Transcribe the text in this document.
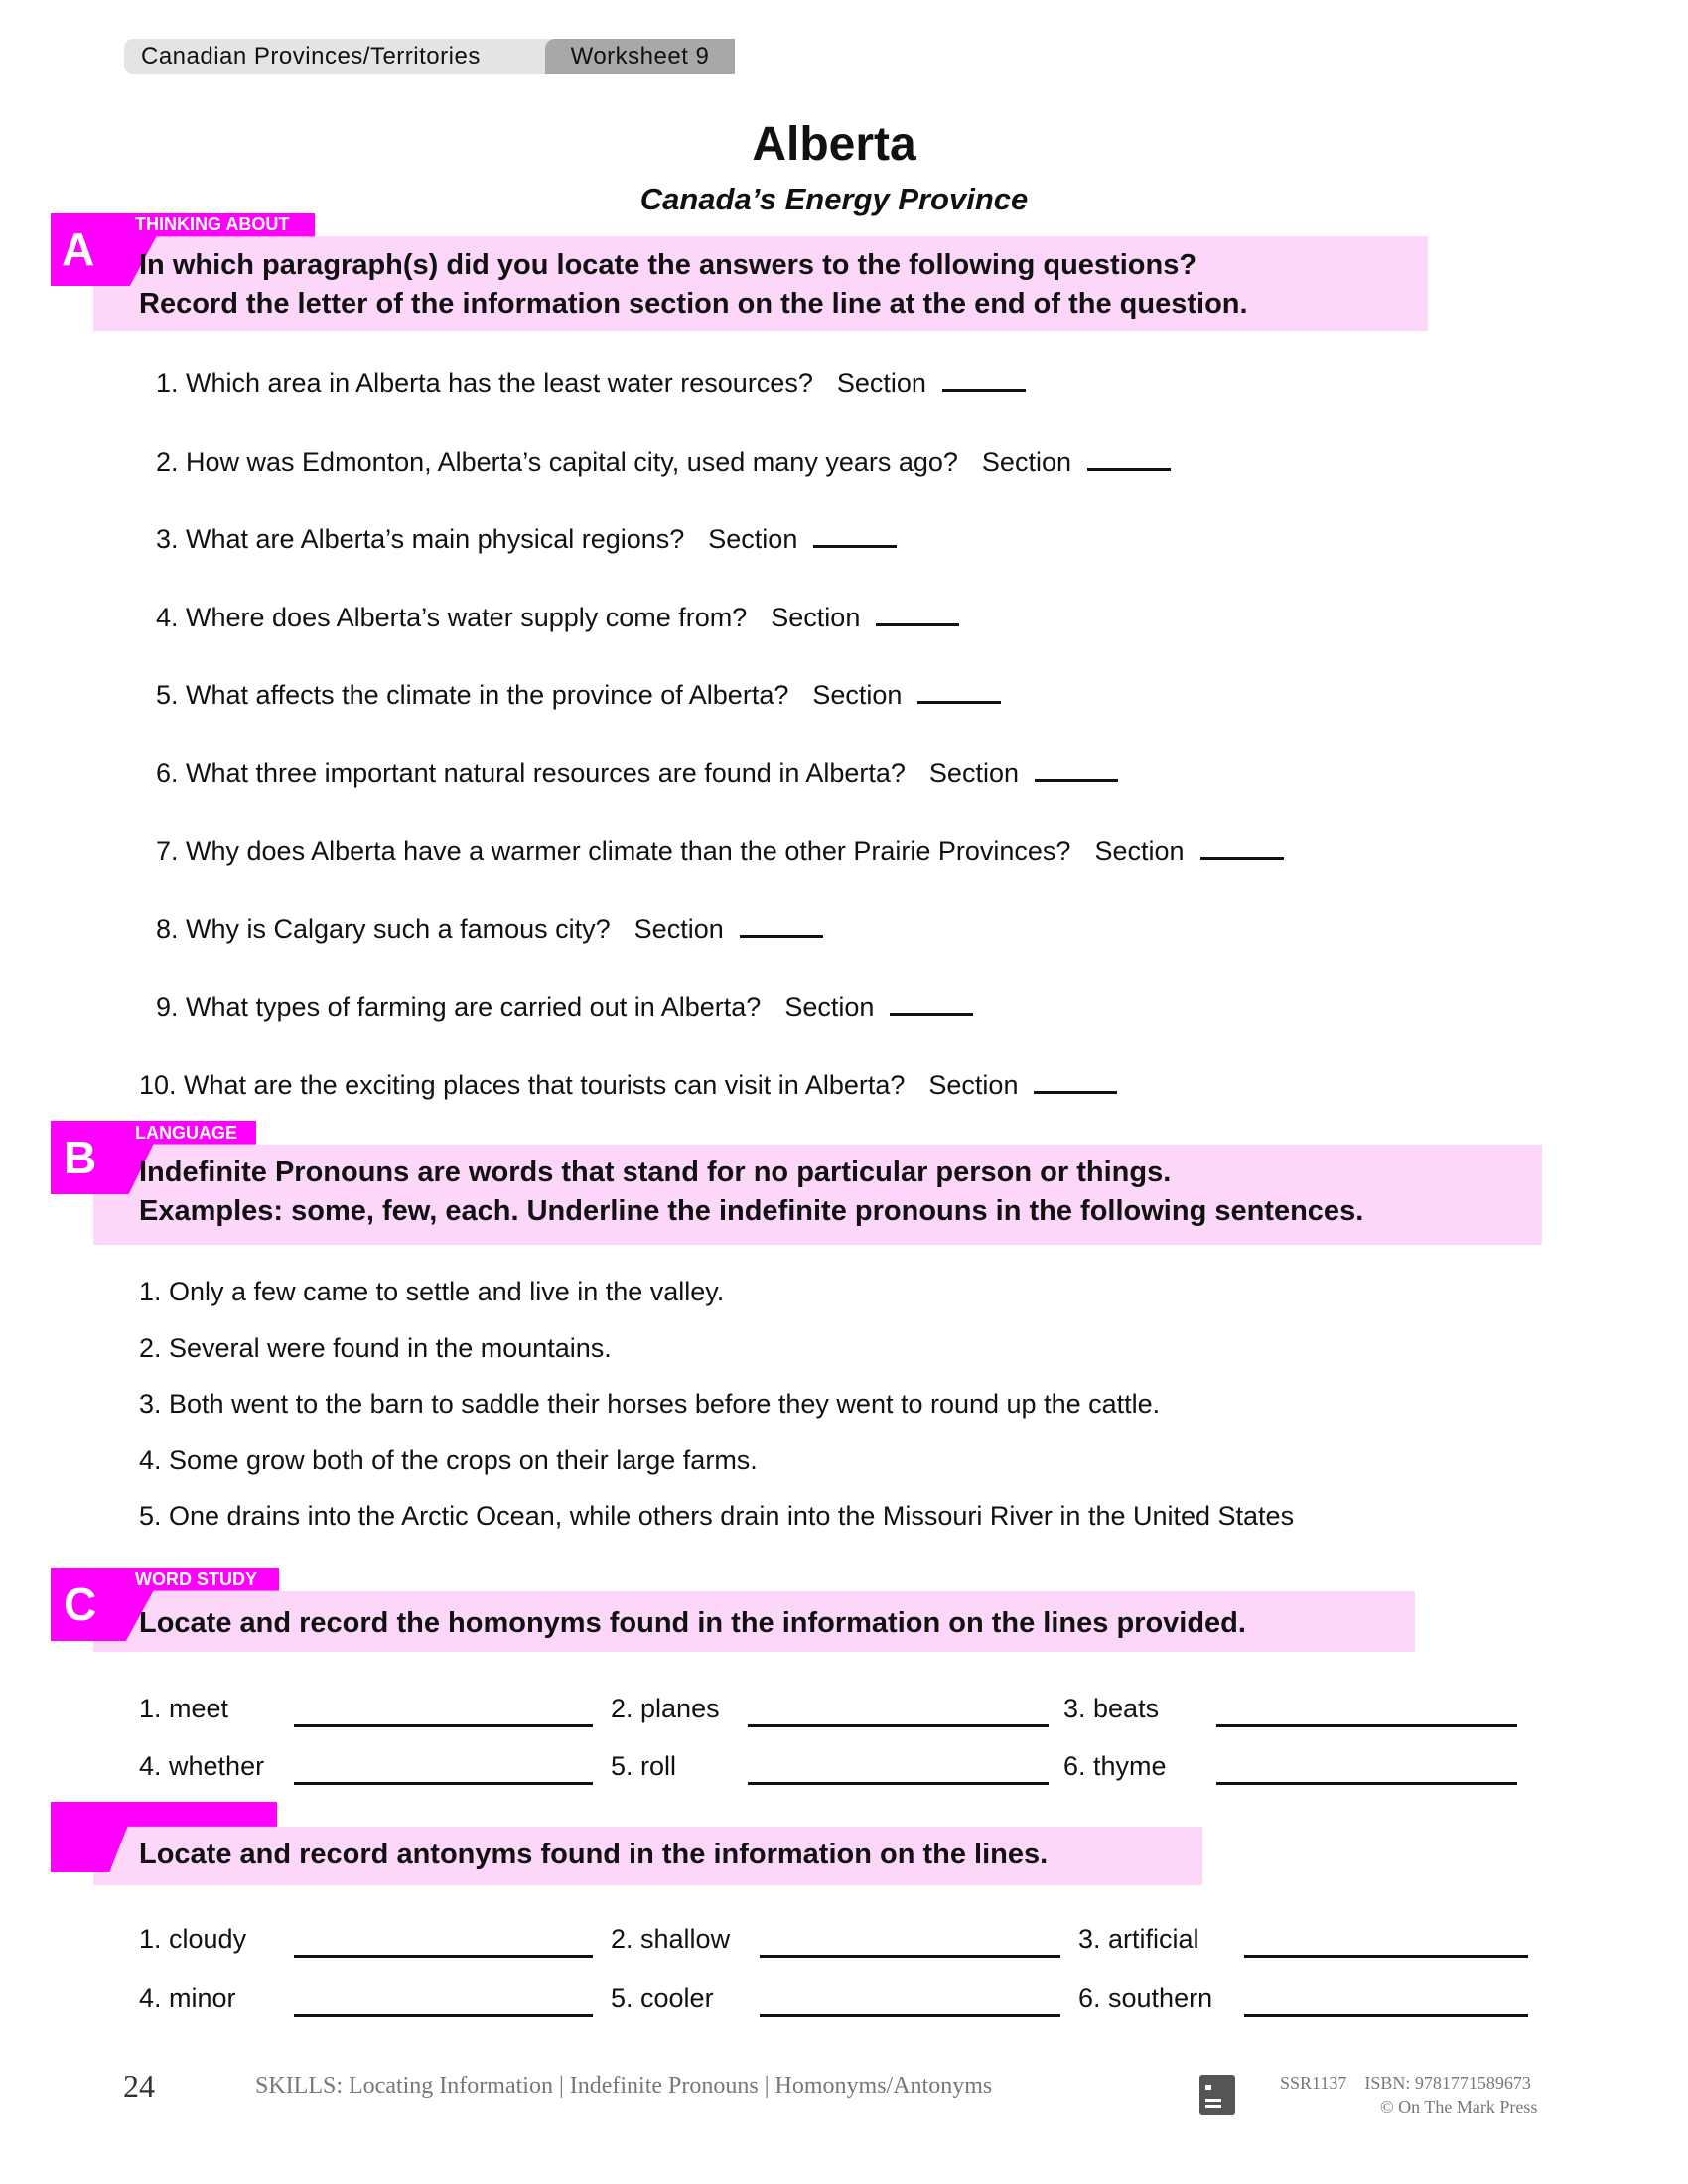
Canadian Provinces/Territories	Worksheet 9
Alberta
Canada’s Energy Province
A THINKING ABOUT
In which paragraph(s) did you locate the answers to the following questions?
Record the letter of the information section on the line at the end of the question.
1. Which area in Alberta has the least water resources? Section
2. How was Edmonton, Alberta’s capital city, used many years ago? Section
3. What are Alberta’s main physical regions? Section
4. Where does Alberta’s water supply come from? Section
5. What affects the climate in the province of Alberta? Section
6. What three important natural resources are found in Alberta? Section
7. Why does Alberta have a warmer climate than the other Prairie Provinces? Section
8. Why is Calgary such a famous city? Section
9. What types of farming are carried out in Alberta? Section
10. What are the exciting places that tourists can visit in Alberta? Section
B LANGUAGE
Indefinite Pronouns are words that stand for no particular person or things.
Examples: some, few, each. Underline the indefinite pronouns in the following sentences.
1. Only a few came to settle and live in the valley.
2. Several were found in the mountains.
3. Both went to the barn to saddle their horses before they went to round up the cattle.
4. Some grow both of the crops on their large farms.
5. One drains into the Arctic Ocean, while others drain into the Missouri River in the United States
C WORD STUDY
Locate and record the homonyms found in the information on the lines provided.
1. meet	2. planes	3. beats
4. whether	5. roll	6. thyme
Locate and record antonyms found in the information on the lines.
1. cloudy	2. shallow	3. artificial
4. minor	5. cooler	6. southern
24	SKILLS: Locating Information | Indefinite Pronouns | Homonyms/Antonyms	SSR1137    ISBN: 9781771589673
© On The Mark Press
